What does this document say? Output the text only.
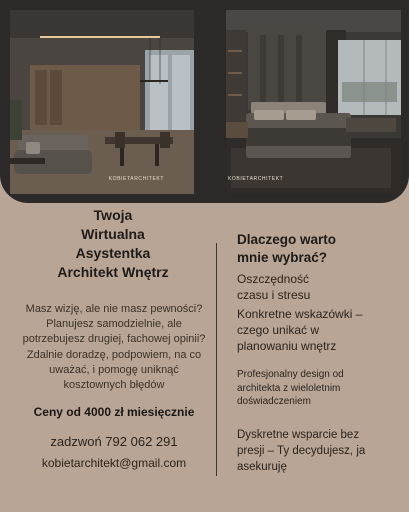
KOBIETARCHITEKT	KOBIETARCHITEKT
Twoja
Wirtualna
Asystentka
Architekt Wnętrz
Masz wizję, ale nie masz pewności?
Planujesz samodzielnie, ale
potrzebujesz drugiej, fachowej opinii?
Zdalnie doradzę, podpowiem, na co
uważać, i pomogę uniknąć
kosztownych błędów
Ceny od 4000 zł miesięcznie
zadzwoń 792 062 291
kobietarchitekt@gmail.com
Dlaczego warto
mnie wybrać?
Oszczędność
czasu i stresu
Konkretne wskazówki –
czego unikać w
planowaniu wnętrz
Profesjonalny design od
architekta z wieloletnim
doświadczeniem
Dyskretne wsparcie bez
presji – Ty decydujesz, ja
asekuruję
